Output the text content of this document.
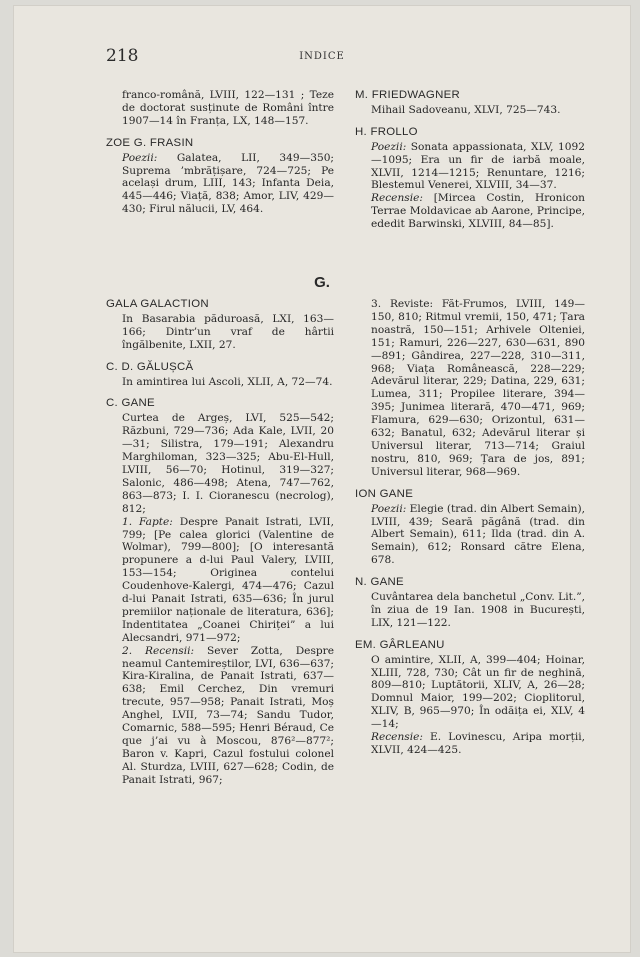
218	INDICE
franco-română, LVIII, 122—131 ; Teze de doctorat susținute de Români între 1907—14 în Franța, LX, 148—157.
ZOE G. FRASIN

Poezii: Galatea, LII, 349—350; Suprema ’mbrățișare, 724—725; Pe același drum, LIII, 143; Infanta Deia, 445—446; Viață, 838; Amor, LIV, 429—430; Firul nălucii, LV, 464.

M. FRIEDWAGNER

Mihail Sadoveanu, XLVI, 725—743.

H. FROLLO

Poezii: Sonata appassionata, XLV, 1092—1095; Era un fir de iarbă moale, XLVII, 1214—1215; Renuntare, 1216; Blestemul Venerei, XLVIII, 34—37.

Recensie: [Mircea Costin, Hronicon Terrae Moldavicae ab Aarone, Principe, ededit Barwinski, XLVIII, 84—85].

G.
GALA GALACTION

In Basarabia păduroasă, LXI, 163—166; Dintr’un vraf de hârtii îngălbenite, LXII, 27.

C. D. GĂLUȘCĂ

In amintirea lui Ascoli, XLII, A, 72—74.

C. GANE

Curtea de Argeș, LVI, 525—542; Răzbuni, 729—736; Ada Kale, LVII, 20—31; Silistra, 179—191; Alexandru Marghiloman, 323—325; Abu-El-Hull, LVIII, 56—70; Hotinul, 319—327; Salonic, 486—498; Atena, 747—762, 863—873; I. I. Cioranescu (necrolog), 812;

1. Fapte: Despre Panait Istrati, LVII, 799; [Pe calea glorici (Valentine de Wolmar), 799—800]; [O interesantă propunere a d-lui Paul Valery, LVIII, 153—154; Originea contelui Coudenhove-Kalergi, 474—476; Cazul d-lui Panait Istrati, 635—636; În jurul premiilor naționale de literatura, 636]; Indentitatea „Coanei Chiriței” a lui Alecsandri, 971—972;

2. Recensii: Sever Zotta, Despre neamul Cantemireștilor, LVI, 636—637; Kira-Kiralina, de Panait Istrati, 637—638; Emil Cerchez, Din vremuri trecute, 957—958; Panait Istrati, Moș Anghel, LVII, 73—74; Sandu Tudor, Comarnic, 588—595; Henri Béraud, Ce que j’ai vu à Moscou, 876²—877²; Baron v. Kapri, Cazul fostului colonel Al. Sturdza, LVIII, 627—628; Codin, de Panait Istrati, 967;

3. Reviste: Făt-Frumos, LVIII, 149—150, 810; Ritmul vremii, 150, 471; Țara noastră, 150—151; Arhivele Olteniei, 151; Ramuri, 226—227, 630—631, 890—891; Gândirea, 227—228, 310—311, 968; Viața Românească, 228—229; Adevărul literar, 229; Datina, 229, 631; Lumea, 311; Propilee literare, 394—395; Junimea literară, 470—471, 969; Flamura, 629—630; Orizontul, 631—632; Banatul, 632; Adevărul literar și Universul literar, 713—714; Graiul nostru, 810, 969; Țara de jos, 891; Universul literar, 968—969.
ION GANE

Poezii: Elegie (trad. din Albert Semain), LVIII, 439; Seară păgână (trad. din Albert Semain), 611; Ilda (trad. din A. Semain), 612; Ronsard către Elena, 678.

N. GANE

Cuvântarea dela banchetul „Conv. Lit.”, în ziua de 19 Ian. 1908 in București, LIX, 121—122.

EM. GÂRLEANU

O amintire, XLII, A, 399—404; Hoinar, XLIII, 728, 730; Cât un fir de neghină, 809—810; Luptătorii, XLIV, A, 26—28; Domnul Maior, 199—202; Cioplitorul, XLIV, B, 965—970; În odăița ei, XLV, 4—14;

Recensie: E. Lovinescu, Aripa morții, XLVII, 424—425.
